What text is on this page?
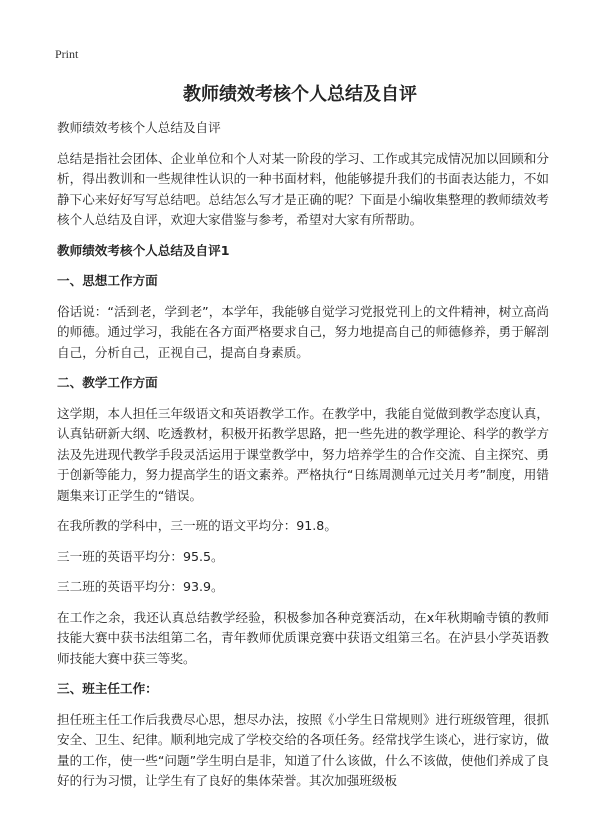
Print
教师绩效考核个人总结及自评

教师绩效考核个人总结及自评

总结是指社会团体、企业单位和个人对某一阶段的学习、工作或其完成情况加以回顾和分析，得出教训和一些规律性认识的一种书面材料，他能够提升我们的书面表达能力，不如静下心来好好写写总结吧。总结怎么写才是正确的呢？下面是小编收集整理的教师绩效考核个人总结及自评，欢迎大家借鉴与参考，希望对大家有所帮助。

教师绩效考核个人总结及自评1
一、思想工作方面

俗话说：“活到老，学到老”，本学年，我能够自觉学习党报党刊上的文件精神，树立高尚的师德。通过学习，我能在各方面严格要求自己，努力地提高自己的师德修养，勇于解剖自己，分析自己，正视自己，提高自身素质。

二、教学工作方面

这学期，本人担任三年级语文和英语教学工作。在教学中，我能自觉做到教学态度认真，认真钻研新大纲、吃透教材，积极开拓教学思路，把一些先进的教学理论、科学的教学方法及先进现代教学手段灵活运用于课堂教学中，努力培养学生的合作交流、自主探究、勇于创新等能力，努力提高学生的语文素养。严格执行“日练周测单元过关月考”制度，用错题集来订正学生的“错误。

在我所教的学科中，三一班的语文平均分：91.8。

三一班的英语平均分：95.5。

三二班的英语平均分：93.9。

在工作之余，我还认真总结教学经验，积极参加各种竞赛活动，在x年秋期喻寺镇的教师技能大赛中获书法组第二名，青年教师优质课竞赛中获语文组第三名。在泸县小学英语教师技能大赛中获三等奖。

三、班主任工作：

担任班主任工作后我费尽心思，想尽办法，按照《小学生日常规则》进行班级管理，很抓安全、卫生、纪律。顺利地完成了学校交给的各项任务。经常找学生谈心，进行家访，做量的工作，使一些“问题”学生明白是非，知道了什么该做，什么不该做，使他们养成了良好的行为习惯，让学生有了良好的集体荣誉。其次加强班级板
